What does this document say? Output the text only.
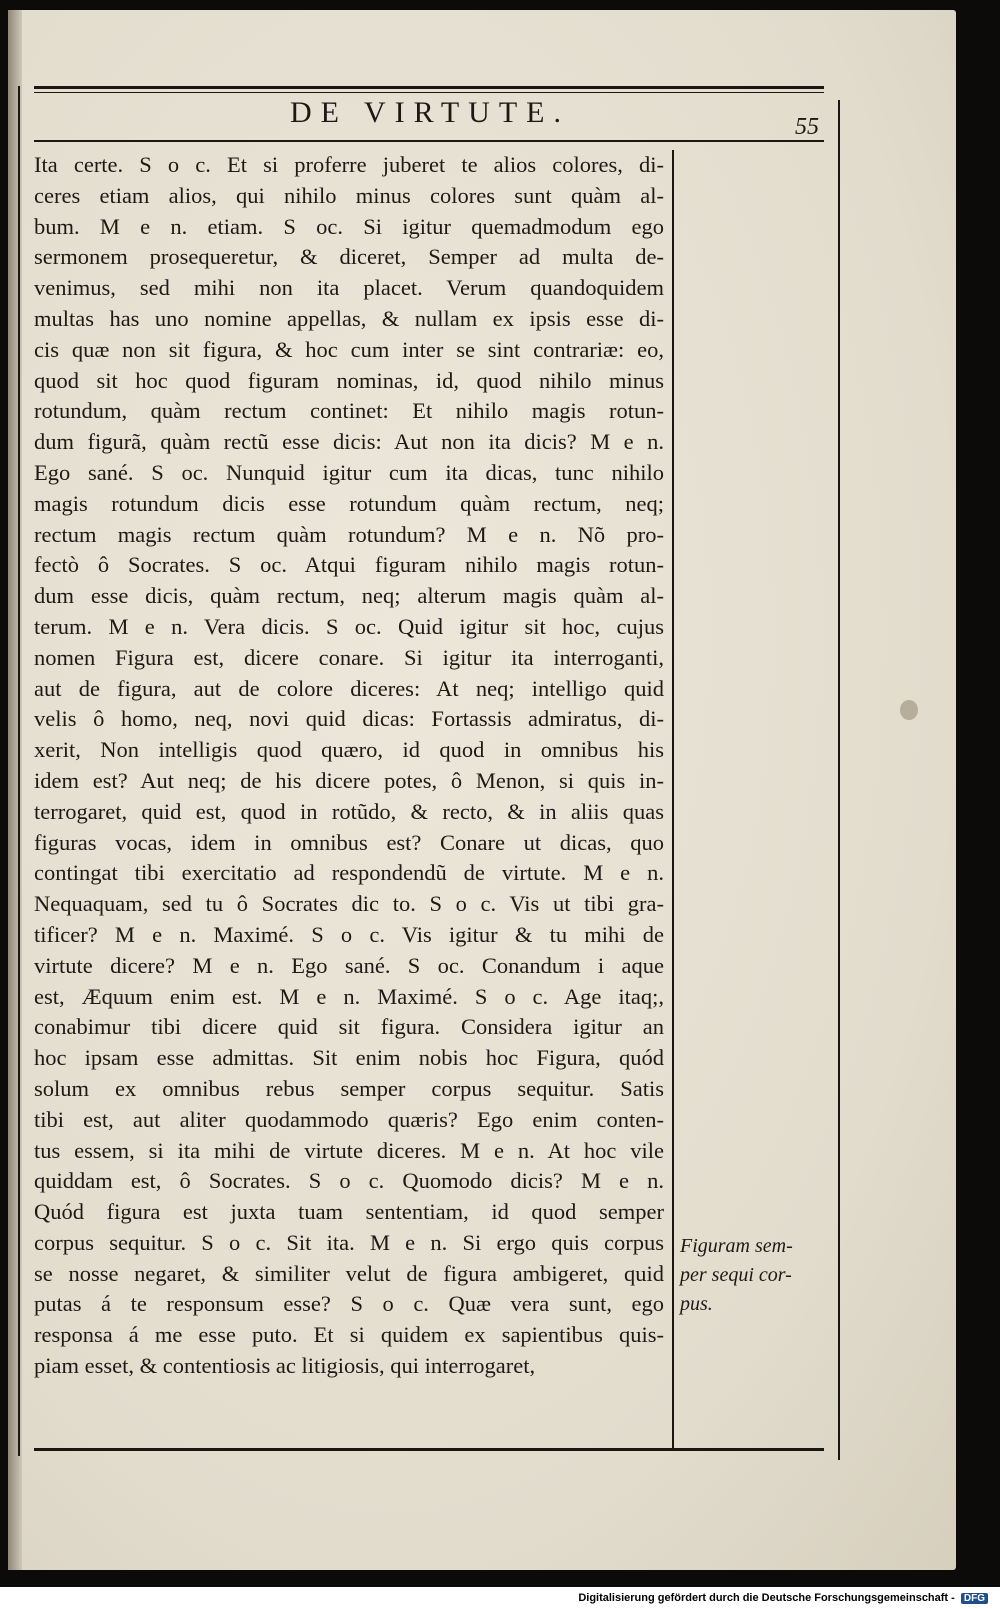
DE VIRTUTE.	55
Ita certe. S o c. Et si proferre juberet te alios colores, di-
ceres etiam alios, qui nihilo minus colores sunt quàm al-
bum. M e n. etiam. S oc. Si igitur quemadmodum ego
sermonem prosequeretur, & diceret, Semper ad multa de-
venimus, sed mihi non ita placet. Verum quandoquidem
multas has uno nomine appellas, & nullam ex ipsis esse di-
cis quæ non sit figura, & hoc cum inter se sint contrariæ: eo,
quod sit hoc quod figuram nominas, id, quod nihilo minus
rotundum, quàm rectum continet: Et nihilo magis rotun-
dum figurã, quàm rectũ esse dicis: Aut non ita dicis? M e n.
Ego sané. S oc. Nunquid igitur cum ita dicas, tunc nihilo
magis rotundum dicis esse rotundum quàm rectum, neq;
rectum magis rectum quàm rotundum? M e n. Nõ pro-
fectò ô Socrates. S oc. Atqui figuram nihilo magis rotun-
dum esse dicis, quàm rectum, neq; alterum magis quàm al-
terum. M e n. Vera dicis. S oc. Quid igitur sit hoc, cujus
nomen Figura est, dicere conare. Si igitur ita interroganti,
aut de figura, aut de colore diceres: At neq; intelligo quid
velis ô homo, neq, novi quid dicas: Fortassis admiratus, di-
xerit, Non intelligis quod quæro, id quod in omnibus his
idem est? Aut neq; de his dicere potes, ô Menon, si quis in-
terrogaret, quid est, quod in rotũdo, & recto, & in aliis quas
figuras vocas, idem in omnibus est? Conare ut dicas, quo
contingat tibi exercitatio ad respondendũ de virtute. M e n.
Nequaquam, sed tu ô Socrates dic to. S o c. Vis ut tibi gra-
tificer? M e n. Maximé. S o c. Vis igitur & tu mihi de
virtute dicere? M e n. Ego sané. S oc. Conandum i aque
est, Æquum enim est. M e n. Maximé. S o c. Age itaq;,
conabimur tibi dicere quid sit figura. Considera igitur an
hoc ipsam esse admittas. Sit enim nobis hoc Figura, quód
solum ex omnibus rebus semper corpus sequitur. Satis
tibi est, aut aliter quodammodo quæris? Ego enim conten-
tus essem, si ita mihi de virtute diceres. M e n. At hoc vile
quiddam est, ô Socrates. S o c. Quomodo dicis? M e n.
Quód figura est juxta tuam sententiam, id quod semper
corpus sequitur. S o c. Sit ita. M e n. Si ergo quis corpus
se nosse negaret, & similiter velut de figura ambigeret, quid
putas á te responsum esse? S o c. Quæ vera sunt, ego
responsa á me esse puto. Et si quidem ex sapientibus quis-
piam esset, & contentiosis ac litigiosis, qui interrogaret,
Figuram sem-
per sequi cor-
pus.
Digitalisierung gefördert durch die Deutsche Forschungsgemeinschaft - DFG
